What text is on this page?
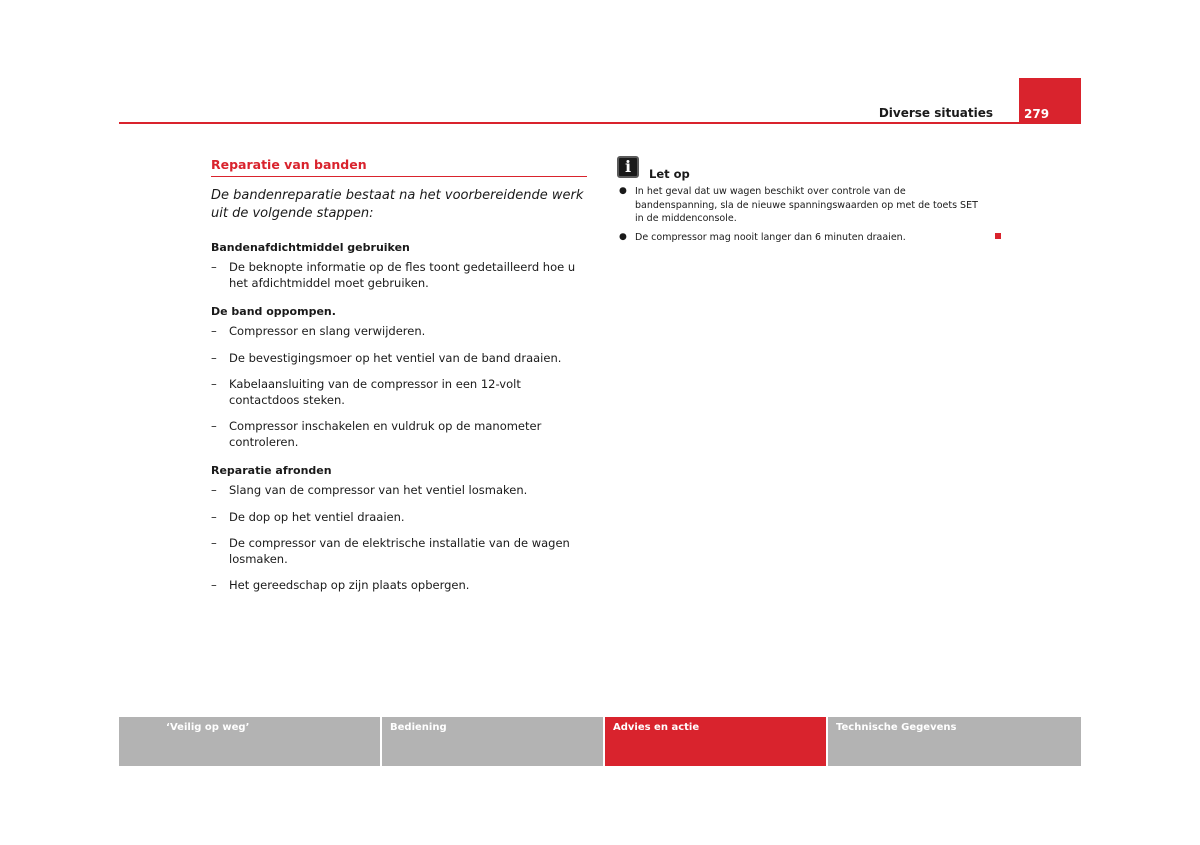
Diverse situaties	279
Reparatie van banden

De bandenreparatie bestaat na het voorbereidende werk uit de volgende stappen:

Bandenafdichtmiddel gebruiken

– De beknopte informatie op de fles toont gedetailleerd hoe u het afdichtmiddel moet gebruiken.

De band oppompen.

– Compressor en slang verwijderen.

– De bevestigingsmoer op het ventiel van de band draaien.

– Kabelaansluiting van de compressor in een 12-volt contactdoos steken.

– Compressor inschakelen en vuldruk op de manometer controleren.

Reparatie afronden

– Slang van de compressor van het ventiel losmaken.

– De dop op het ventiel draaien.

– De compressor van de elektrische installatie van de wagen losmaken.

– Het gereedschap op zijn plaats opbergen.

i	Let op
● In het geval dat uw wagen beschikt over controle van de bandenspanning, sla de nieuwe spanningswaarden op met de toets SET in de middenconsole.
● De compressor mag nooit langer dan 6 minuten draaien.
‘Veilig op weg’	Bediening	Advies en actie	Technische Gegevens
